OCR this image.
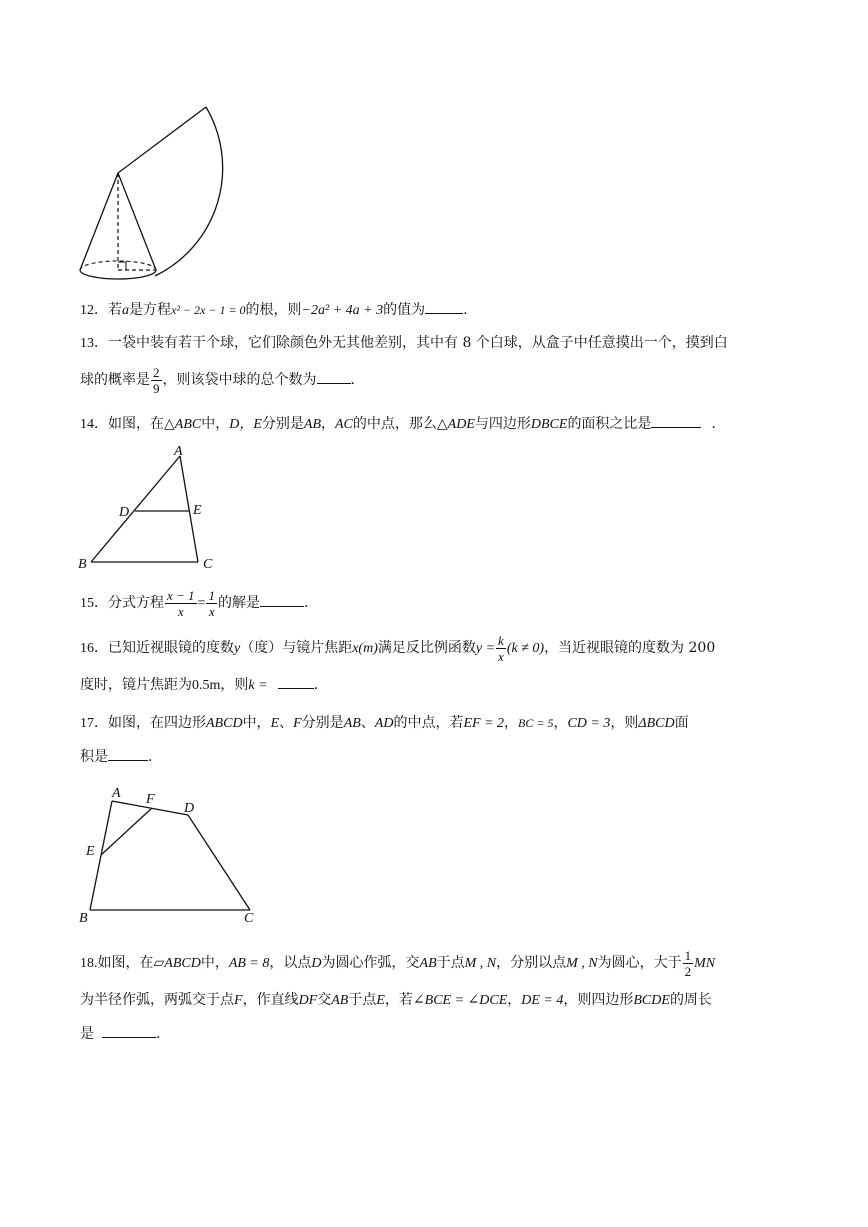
12．若a是方程x² − 2x − 1 = 0的根，则−2a² + 4a + 3的值为	.
13．一袋中装有若干个球，它们除颜色外无其他差别，其中有 8 个白球，从盒子中任意摸出一个，摸到白
球的概率是 $\frac{2}{9}$ ，则该袋中球的总个数为 .
14．如图，在△ABC中，D，E分别是AB，AC的中点，那么△ADE与四边形DBCE的面积之比是	．
A
B	C
D	E
15．分式方程 $\frac{x - 1}{x} = \frac{1}{x}$ 的解是	.
16．已知近视眼镜的度数y（度）与镜片焦距x(m)满足反比例函数$y = \frac{k}{x} (k \ne 0)$，当近视眼镜的度数为 200
度时，镜片焦距为0.5m，则k =	.
17．如图，在四边形ABCD中，E、F分别是AB、AD的中点，若EF = 2，BC = 5，CD = 3，则ΔBCD面
积是	.
A F
D
E
B	C
18.如图，在▱ABCD中，AB = 8，以点D为圆心作弧，交AB于点M , N，分别以点M , N为圆心，大于 $\frac{1}{2}$ MN
为半径作弧，两弧交于点F，作直线DF交AB于点E，若∠BCE = ∠DCE，DE = 4，则四边形BCDE的周长
是	.
